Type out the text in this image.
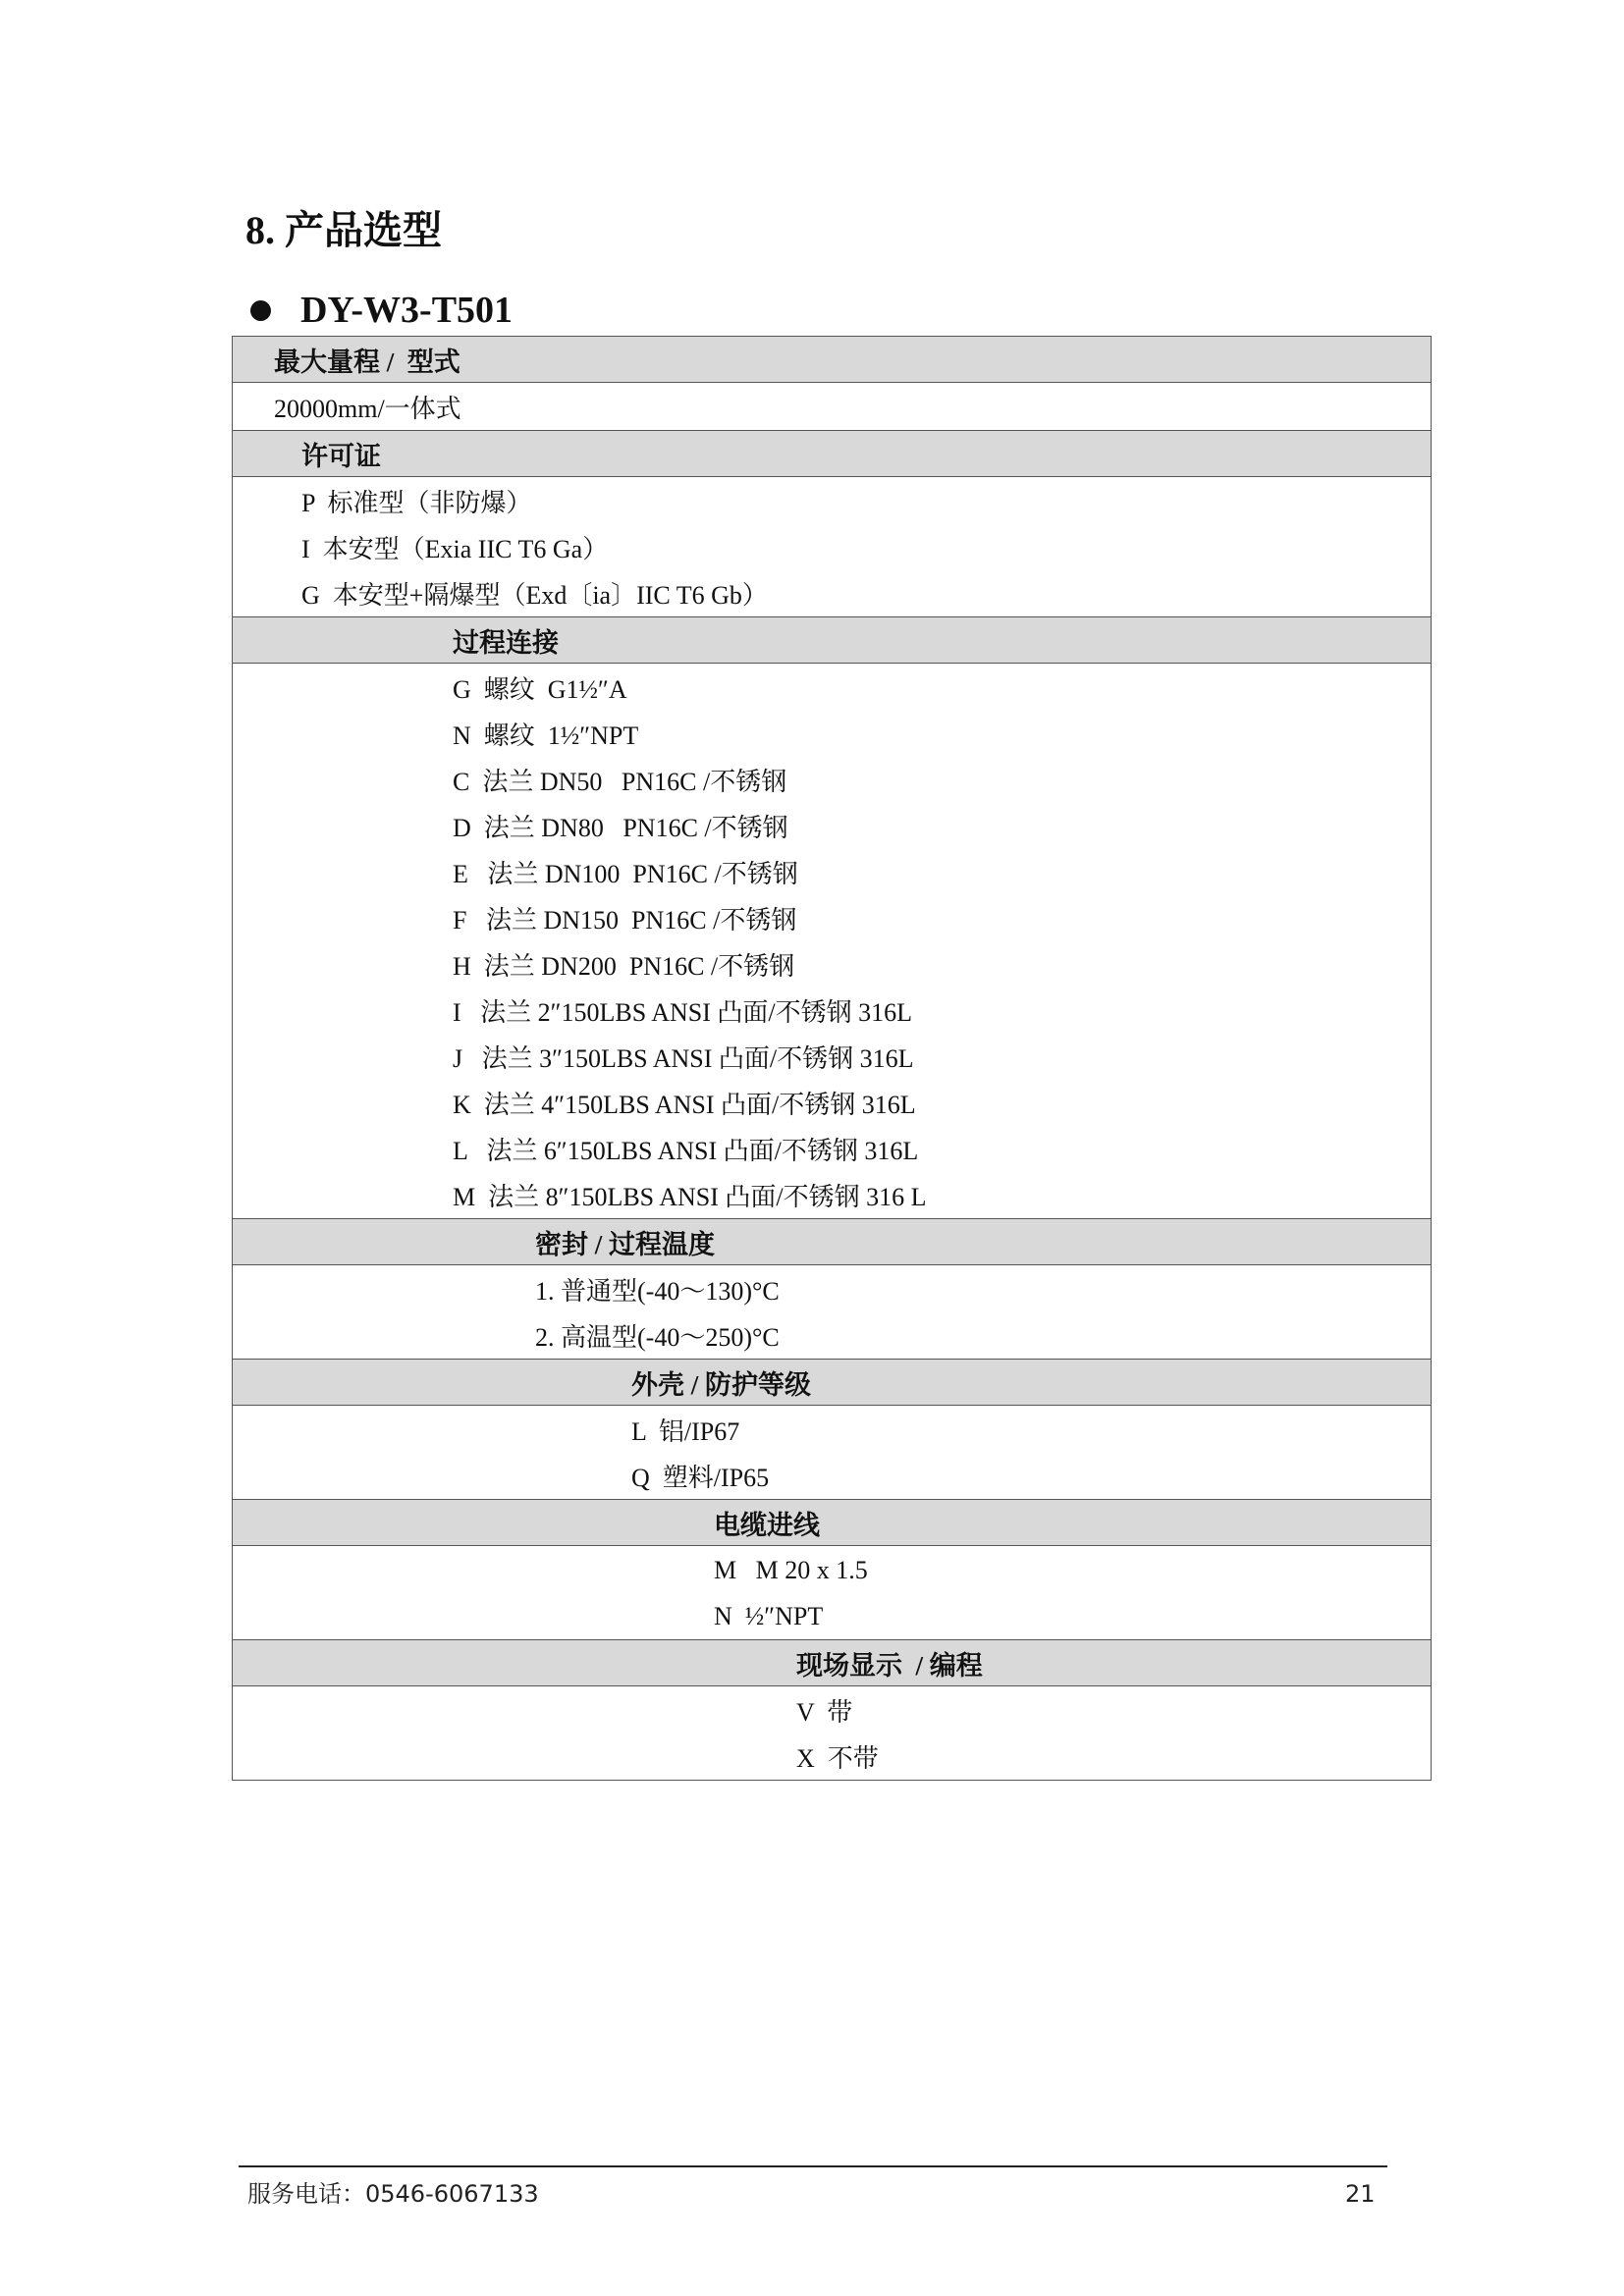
8. 产品选型
DY-W3-T501
最大量程 /  型式
20000mm/一体式
许可证
P  标准型（非防爆）
I  本安型（Exia IIC T6 Ga）
G  本安型+隔爆型（Exd〔ia〕IIC T6 Gb）
过程连接
G  螺纹  G1½″A
N  螺纹  1½″NPT
C  法兰 DN50   PN16C /不锈钢
D  法兰 DN80   PN16C /不锈钢
E   法兰 DN100  PN16C /不锈钢
F   法兰 DN150  PN16C /不锈钢
H  法兰 DN200  PN16C /不锈钢
I   法兰 2″150LBS ANSI 凸面/不锈钢 316L
J   法兰 3″150LBS ANSI 凸面/不锈钢 316L
K  法兰 4″150LBS ANSI 凸面/不锈钢 316L
L   法兰 6″150LBS ANSI 凸面/不锈钢 316L
M  法兰 8″150LBS ANSI 凸面/不锈钢 316 L
密封 / 过程温度
1. 普通型(-40～130)°C
2. 高温型(-40～250)°C
外壳 / 防护等级
L  铝/IP67
Q  塑料/IP65
电缆进线
M   M 20 x 1.5
N  ½″NPT
现场显示  / 编程
V  带
X  不带
服务电话：0546-6067133	21
